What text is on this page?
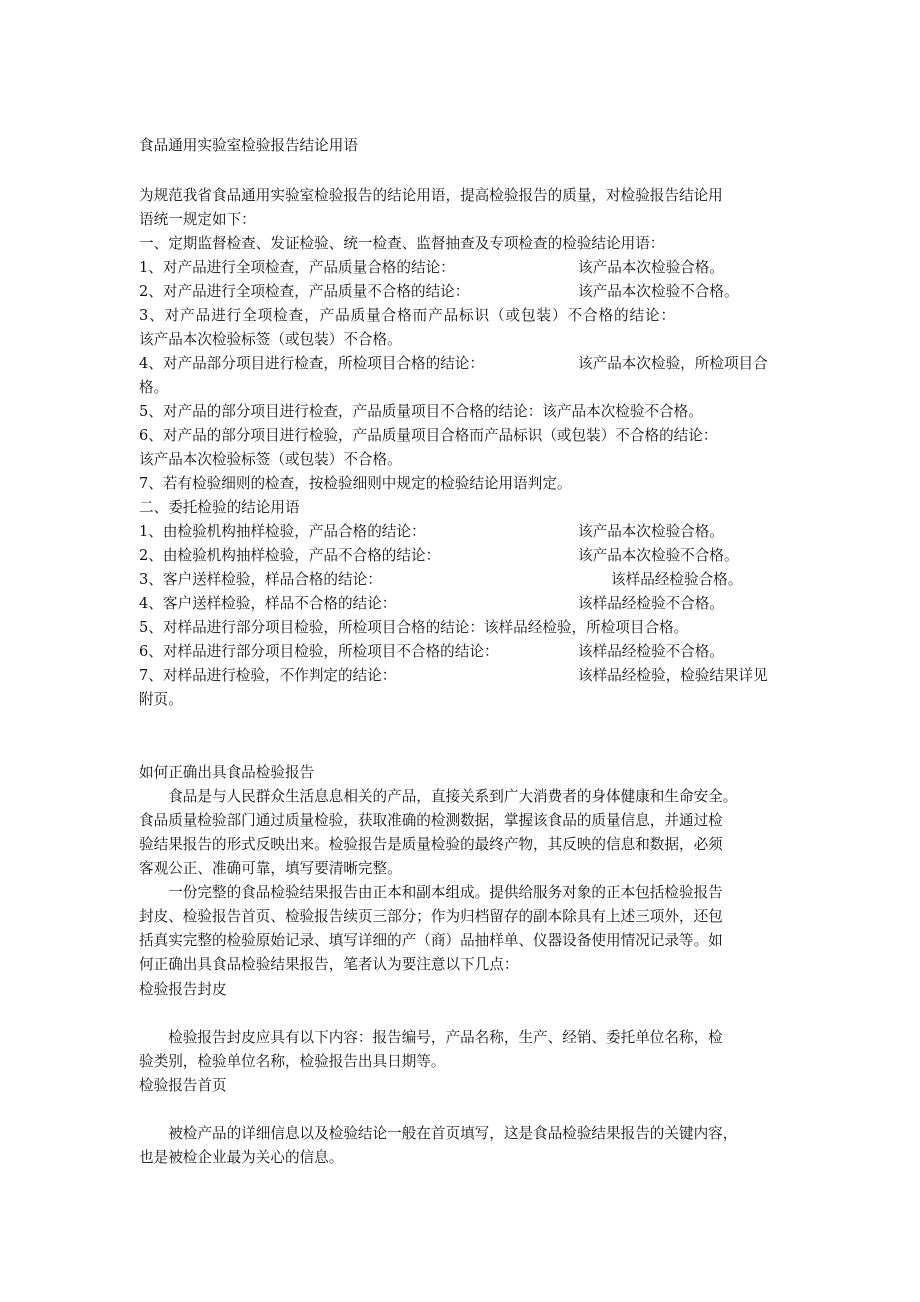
食品通用实验室检验报告结论用语
为规范我省食品通用实验室检验报告的结论用语，提高检验报告的质量，对检验报告结论用
语统一规定如下：
一、定期监督检查、发证检验、统一检查、监督抽查及专项检查的检验结论用语：
1、对产品进行全项检查，产品质量合格的结论：	该产品本次检验合格。
2、对产品进行全项检查，产品质量不合格的结论：	该产品本次检验不合格。
3、对产品进行全项检查，产品质量合格而产品标识（或包装）不合格的结论：
该产品本次检验标签（或包装）不合格。
4、对产品部分项目进行检查，所检项目合格的结论：	该产品本次检验，所检项目合
格。
5、对产品的部分项目进行检查，产品质量项目不合格的结论：该产品本次检验不合格。
6、对产品的部分项目进行检验，产品质量项目合格而产品标识（或包装）不合格的结论：
该产品本次检验标签（或包装）不合格。
7、若有检验细则的检查，按检验细则中规定的检验结论用语判定。
二、委托检验的结论用语
1、由检验机构抽样检验，产品合格的结论：	该产品本次检验合格。
2、由检验机构抽样检验，产品不合格的结论：	该产品本次检验不合格。
3、客户送样检验，样品合格的结论：	该样品经检验合格。
4、客户送样检验，样品不合格的结论：	该样品经检验不合格。
5、对样品进行部分项目检验，所检项目合格的结论：该样品经检验，所检项目合格。
6、对样品进行部分项目检验，所检项目不合格的结论：	该样品经检验不合格。
7、对样品进行检验，不作判定的结论：	该样品经检验，检验结果详见
附页。
如何正确出具食品检验报告
　　食品是与人民群众生活息息相关的产品，直接关系到广大消费者的身体健康和生命安全。
食品质量检验部门通过质量检验，获取准确的检测数据，掌握该食品的质量信息，并通过检
验结果报告的形式反映出来。检验报告是质量检验的最终产物，其反映的信息和数据，必须
客观公正、准确可靠，填写要清晰完整。
　　一份完整的食品检验结果报告由正本和副本组成。提供给服务对象的正本包括检验报告
封皮、检验报告首页、检验报告续页三部分；作为归档留存的副本除具有上述三项外，还包
括真实完整的检验原始记录、填写详细的产（商）品抽样单、仪器设备使用情况记录等。如
何正确出具食品检验结果报告，笔者认为要注意以下几点：
检验报告封皮
　　检验报告封皮应具有以下内容：报告编号，产品名称，生产、经销、委托单位名称，检
验类别，检验单位名称，检验报告出具日期等。
检验报告首页
　　被检产品的详细信息以及检验结论一般在首页填写，这是食品检验结果报告的关键内容，
也是被检企业最为关心的信息。
